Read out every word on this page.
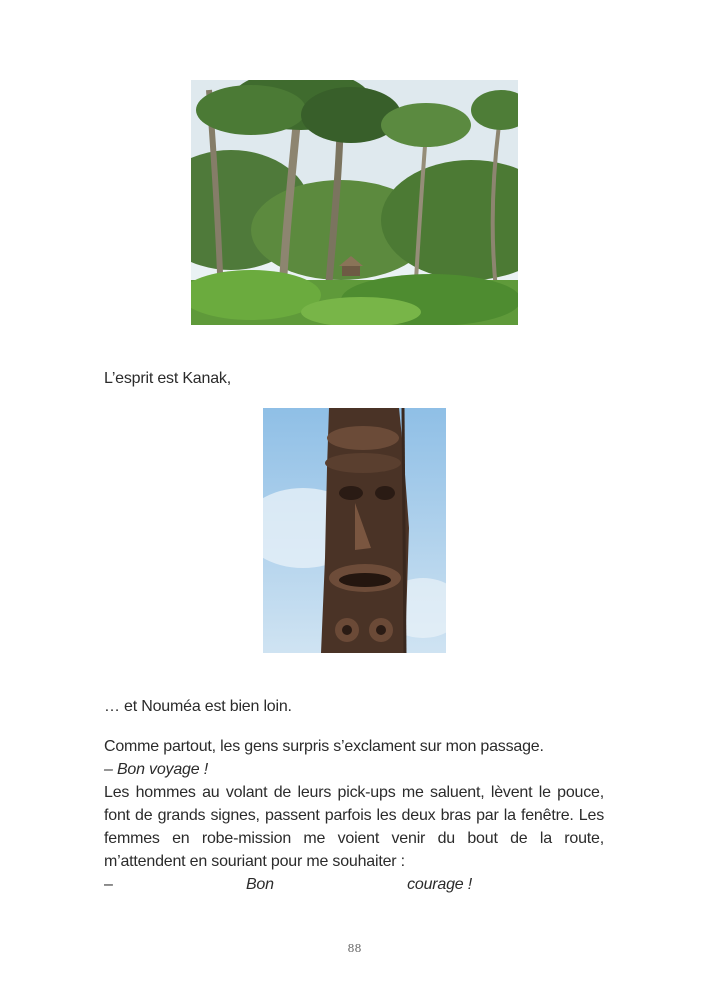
L’esprit est Kanak,
… et Nouméa est bien loin.

Comme partout, les gens surpris s’exclament sur mon passage.

– Bon voyage !

Les hommes au volant de leurs pick-ups me saluent, lèvent le pouce, font de grands signes, passent parfois les deux bras par la fenêtre. Les femmes en robe-mission me voient venir du bout de la route, m’attendent en souriant pour me souhaiter :

–	Bon	courage !

88
